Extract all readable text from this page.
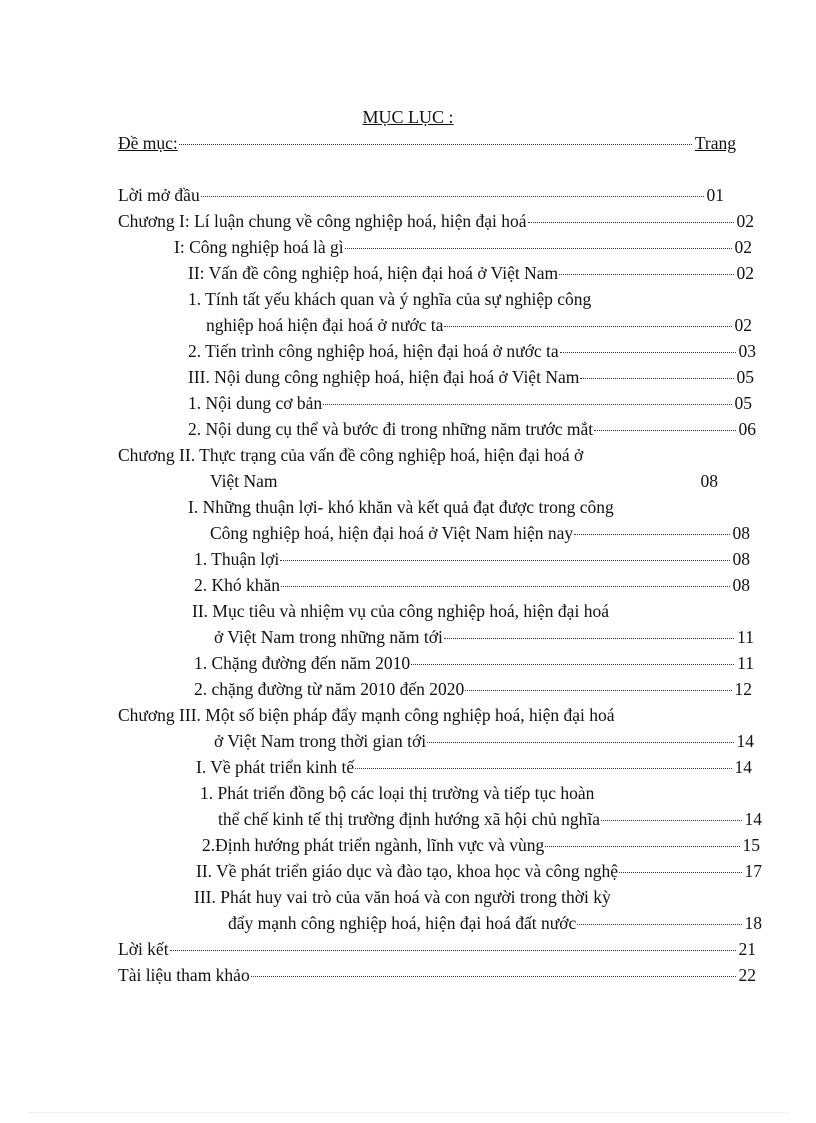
MỤC LỤC :
Đề mục:	Trang
Lời mở đầu	01
Chương I: Lí luận chung về công nghiệp hoá, hiện đại hoá	02
I: Công nghiệp hoá là gì	02
II: Vấn đề công nghiệp hoá, hiện đại hoá ở Việt Nam	02
1. Tính tất yếu khách quan và ý nghĩa của sự nghiệp công
nghiệp hoá hiện đại hoá ở nước ta	02
2. Tiến trình công nghiệp hoá, hiện đại hoá ở nước ta	03
III. Nội dung công nghiệp hoá, hiện đại hoá ở Việt Nam	05
1. Nội dung cơ bản	05
2. Nội dung cụ thể và bước đi trong những năm trước mắt	06
Chương II. Thực trạng của vấn đề công nghiệp hoá, hiện đại hoá ở
Việt Nam	08
I. Những thuận lợi- khó khăn và kết quả đạt được trong công
Công nghiệp hoá, hiện đại hoá ở Việt Nam hiện nay	08
1. Thuận lợi	08
2. Khó khăn	08
II. Mục tiêu và nhiệm vụ của công nghiệp hoá, hiện đại hoá
ở Việt Nam trong những năm tới	11
1. Chặng đường đến năm 2010	11
2. chặng đường từ năm 2010 đến 2020	12
Chương III. Một số biện pháp đẩy mạnh công nghiệp hoá, hiện đại hoá
ở Việt Nam trong thời gian tới	14
I. Về phát triển kinh tế	14
1. Phát triển đồng bộ các loại thị trường và tiếp tục hoàn
thể chế kinh tế thị trường định hướng xã hội chủ nghĩa	14
2.Định hướng phát triển ngành, lĩnh vực và vùng	15
II. Về phát triển giáo dục và đào tạo, khoa học và công nghệ	17
III. Phát huy vai trò của văn hoá và con người trong thời kỳ
đẩy mạnh công nghiệp hoá, hiện đại hoá đất nước	18
Lời kết	21
Tài liệu tham khảo	22
